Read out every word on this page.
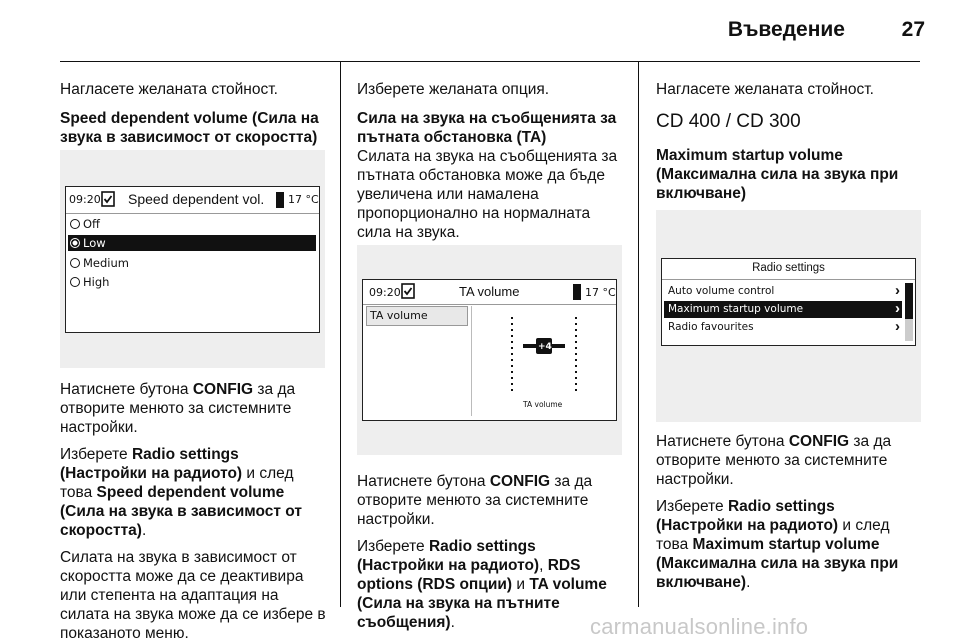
Въведение	27

Нагласете желаната стойност.

Speed dependent volume (Сила на звука в зависимост от скоростта)
09:20 Speed dependent vol. 17 °C
Off
Low
Medium
High

Натиснете бутона CONFIG за да отворите менюто за системните настройки.

Изберете Radio settings (Настройки на радиото) и след това Speed dependent volume (Сила на звука в зависимост от скоростта).

Силата на звука в зависимост от скоростта може да се деактивира или степента на адаптация на силата на звука може да се избере в показаното меню.

Изберете желаната опция.

Сила на звука на съобщенията за пътната обстановка (TA)

Силата на звука на съобщенията за пътната обстановка може да бъде увеличена или намалена пропорционално на нормалната сила на звука.

09:20	TA volume	17 °C
TA volume
+4
TA volume

Натиснете бутона CONFIG за да отворите менюто за системните настройки.

Изберете Radio settings (Настройки на радиото), RDS options (RDS опции) и TA volume (Сила на звука на пътните съобщения).

Нагласете желаната стойност.

CD 400 / CD 300
Maximum startup volume (Максимална сила на звука при включване)
Radio settings
Auto volume control	›
Maximum startup volume	›
Radio favourites	›

Натиснете бутона CONFIG за да отворите менюто за системните настройки.

Изберете Radio settings (Настройки на радиото) и след това Maximum startup volume (Максимална сила на звука при включване).

carmanualsonline.info
